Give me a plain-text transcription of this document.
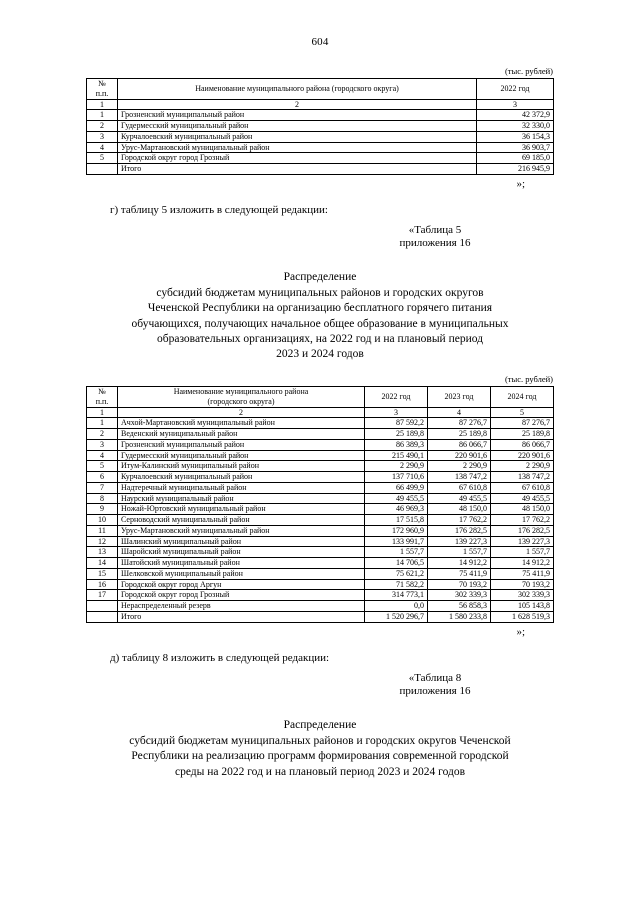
604
(тыс. рублей)
№
п.п.	Наименование муниципального района (городского округа)	2022 год
1	2	3
1	Грозненский муниципальный район	42 372,9
2	Гудермесский муниципальный район	32 330,0
3	Курчалоевский муниципальный район	36 154,3
4	Урус-Мартановский муниципальный район	36 903,7
5	Городской округ город Грозный	69 185,0
	Итого	216 945,9
»;
г) таблицу 5 изложить в следующей редакции:
«Таблица 5
приложения 16
Распределение
субсидий бюджетам муниципальных районов и городских округов
Чеченской Республики на организацию бесплатного горячего питания
обучающихся, получающих начальное общее образование в муниципальных
образовательных организациях, на 2022 год и на плановый период
2023 и 2024 годов
(тыс. рублей)
№
п.п.

Наименование муниципального района
(городского округа)
	2022 год	2023 год	2024 год
1	2	3	4	5
1	Ачхой-Мартановский муниципальный район	87 592,2	87 276,7	87 276,7
2	Веденский муниципальный район	25 189,8	25 189,8	25 189,8
3	Грозненский муниципальный район	86 389,3	86 066,7	86 066,7
4	Гудермесский муниципальный район	215 490,1	220 901,6	220 901,6
5	Итум-Калинский муниципальный район	2 290,9	2 290,9	2 290,9
6	Курчалоевский муниципальный район	137 710,6	138 747,2	138 747,2
7	Надтеречный муниципальный район	66 499,9	67 610,8	67 610,8
8	Наурский муниципальный район	49 455,5	49 455,5	49 455,5
9	Ножай-Юртовский муниципальный район	46 969,3	48 150,0	48 150,0
10	Серноводский муниципальный район	17 515,8	17 762,2	17 762,2
11	Урус-Мартановский муниципальный район	172 960,9	176 282,5	176 282,5
12	Шалинский муниципальный район	133 991,7	139 227,3	139 227,3
13	Шаройский муниципальный район	1 557,7	1 557,7	1 557,7
14	Шатойский муниципальный район	14 706,5	14 912,2	14 912,2
15	Шелковской муниципальный район	75 621,2	75 411,9	75 411,9
16	Городской округ город Аргун	71 582,2	70 193,2	70 193,2
17	Городской округ город Грозный	314 773,1	302 339,3	302 339,3
	Нераспределенный резерв	0,0	56 858,3	105 143,8
	Итого	1 520 296,7	1 580 233,8	1 628 519,3
»;
д) таблицу 8 изложить в следующей редакции:
«Таблица 8
приложения 16
Распределение
субсидий бюджетам муниципальных районов и городских округов Чеченской
Республики на реализацию программ формирования современной городской
среды на 2022 год и на плановый период 2023 и 2024 годов
